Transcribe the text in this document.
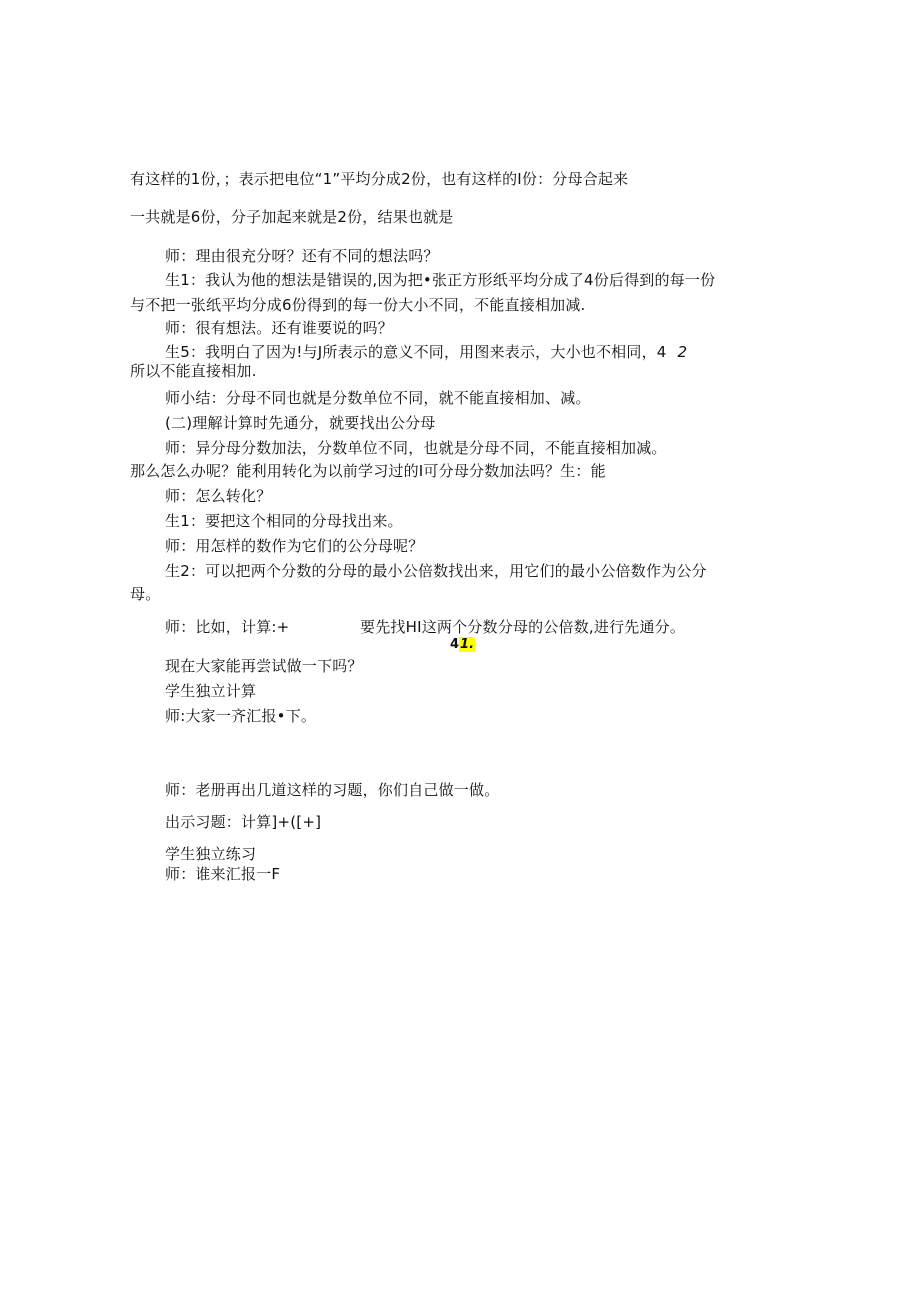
有这样的1份，；表示把电位“1”平均分成2份，也有这样的I份：分母合起来
一共就是6份，分子加起来就是2份，结果也就是
师：理由很充分呀？还有不同的想法吗？
生1：我认为他的想法是错误的,因为把•张正方形纸平均分成了4份后得到的每一份
与不把一张纸平均分成6份得到的每一份大小不同，不能直接相加减.
师：很有想法。还有谁要说的吗？
生5：我明白了因为!与J所表示的意义不同，用图来表示，大小也不相同，4 2
所以不能直接相加.
师小结：分母不同也就是分数单位不同，就不能直接相加、减。
(二)理解计算时先通分，就要找出公分母
师：异分母分数加法，分数单位不同，也就是分母不同，不能直接相加减。
那么怎么办呢？能利用转化为以前学习过的I可分母分数加法吗？生：能
师：怎么转化？
生1：要把这个相同的分母找出来。
师：用怎样的数作为它们的公分母呢？
生2：可以把两个分数的分母的最小公倍数找出来，用它们的最小公倍数作为公分
母。
师：比如，计算:+	要先找HI这两个分数分母的公倍数,进行先通分。
41.
现在大家能再尝试做一下吗？
学生独立计算
师:大家一齐汇报•下。
师：老册再出几道这样的习题，你们自己做一做。
出示习题：计算]+([+]
学生独立练习
师：谁来汇报一F
